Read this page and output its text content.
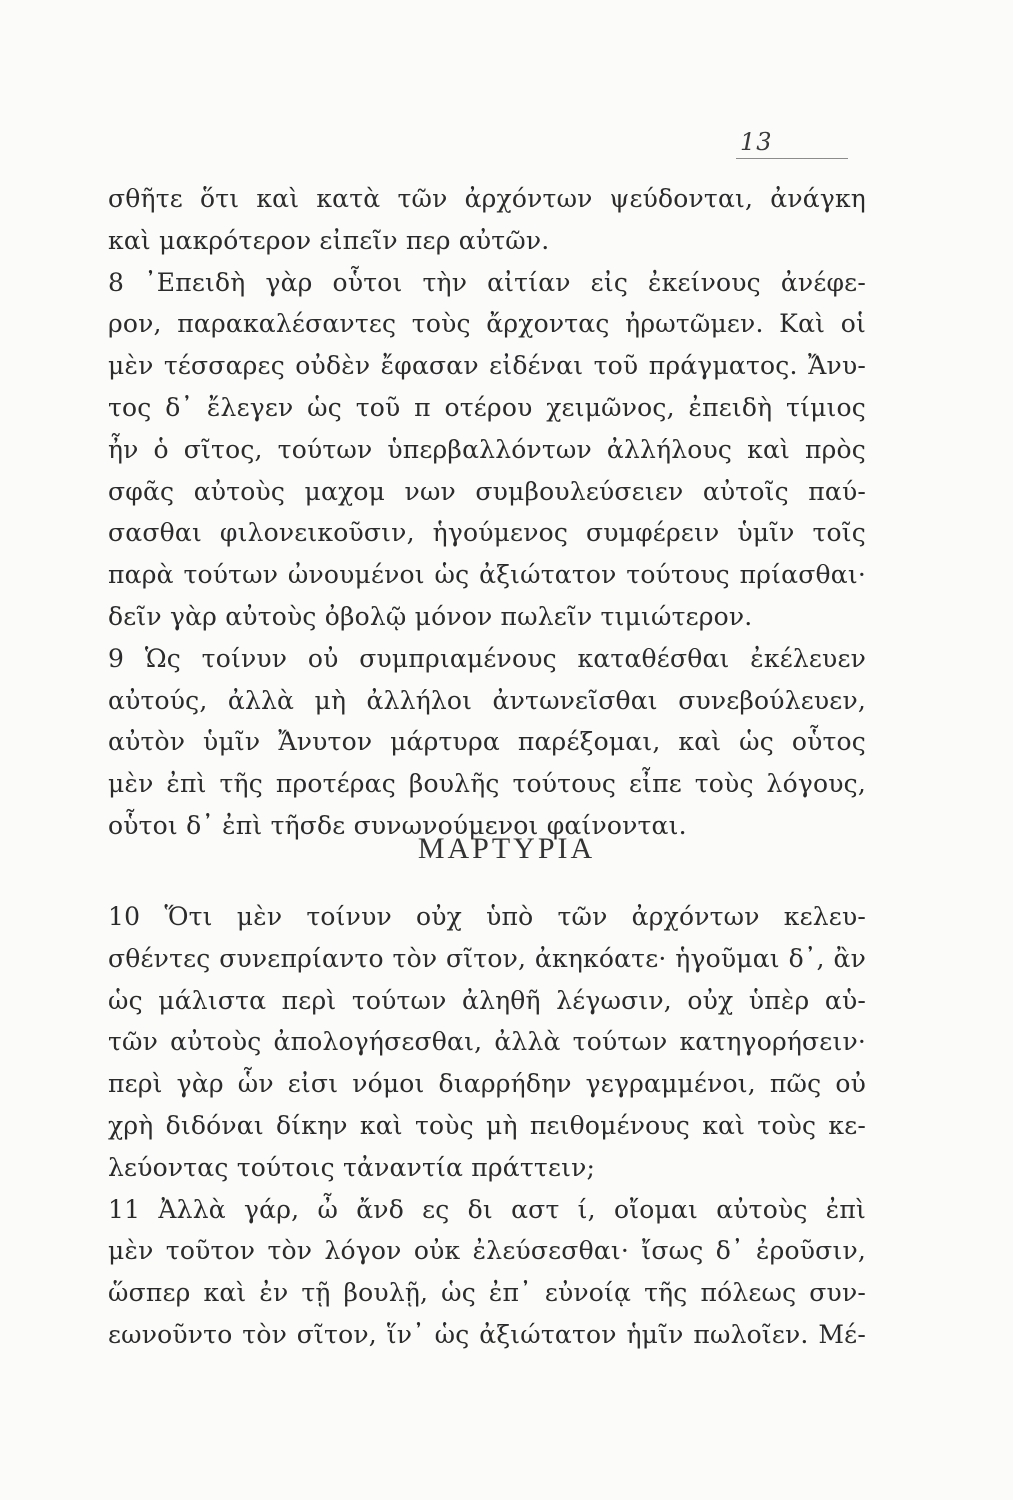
13
σθῆτε ὅτι καὶ κατὰ τῶν ἀρχόντων ψεύδονται, ἀνάγκη
καὶ μακρότερον εἰπεῖν περ αὐτῶν.
8 ᾿Επειδὴ γὰρ οὗτοι τὴν αἰτίαν εἰς ἐκείνους ἀνέφε-
ρον, παρακαλέσαντες τοὺς ἄρχοντας ἠρωτῶμεν. Καὶ οἱ
μὲν τέσσαρες οὐδὲν ἔφασαν εἰδέναι τοῦ πράγματος. Ἄνυ-
τος δ᾿ ἔλεγεν ὡς τοῦ π οτέρου χειμῶνος, ἐπειδὴ τίμιος
ἦν ὁ σῖτος, τούτων ὑπερβαλλόντων ἀλλήλους καὶ πρὸς
σφᾶς αὐτοὺς μαχομ νων συμβουλεύσειεν αὐτοῖς παύ-
σασθαι φιλονεικοῦσιν, ἡγούμενος συμφέρειν ὑμῖν τοῖς
παρὰ τούτων ὠνουμένοι ὡς ἀξιώτατον τούτους πρίασθαι·
δεῖν γὰρ αὐτοὺς ὀβολῷ μόνον πωλεῖν τιμιώτερον.
9 Ὡς τοίνυν οὐ συμπριαμένους καταθέσθαι ἐκέλευεν
αὐτούς, ἀλλὰ μὴ ἀλλήλοι ἀντωνεῖσθαι συνεβούλευεν,
αὐτὸν ὑμῖν Ἄνυτον μάρτυρα παρέξομαι, καὶ ὡς οὗτος
μὲν ἐπὶ τῆς προτέρας βουλῆς τούτους εἶπε τοὺς λόγους,
οὗτοι δ᾿ ἐπὶ τῆσδε συνωνούμενοι φαίνονται.
ΜΑΡΤΥΡΙΑ
10 Ὅτι μὲν τοίνυν οὐχ ὑπὸ τῶν ἀρχόντων κελευ-
σθέντες συνεπρίαντο τὸν σῖτον, ἀκηκόατε· ἡγοῦμαι δ᾿, ἂν
ὡς μάλιστα περὶ τούτων ἀληθῆ λέγωσιν, οὐχ ὑπὲρ αὑ-
τῶν αὐτοὺς ἀπολογήσεσθαι, ἀλλὰ τούτων κατηγορήσειν·
περὶ γὰρ ὧν εἰσι νόμοι διαρρήδην γεγραμμένοι, πῶς οὐ
χρὴ διδόναι δίκην καὶ τοὺς μὴ πειθομένους καὶ τοὺς κε-
λεύοντας τούτοις τἀναντία πράττειν;
11 Ἀλλὰ γάρ, ὦ ἄνδ ες δι αστ ί, οἴομαι αὐτοὺς ἐπὶ
μὲν τοῦτον τὸν λόγον οὐκ ἐλεύσεσθαι· ἴσως δ᾿ ἐροῦσιν,
ὥσπερ καὶ ἐν τῇ βουλῇ, ὡς ἐπ᾿ εὐνοίᾳ τῆς πόλεως συν-
εωνοῦντο τὸν σῖτον, ἵν᾿ ὡς ἀξιώτατον ἡμῖν πωλοῖεν. Μέ-
